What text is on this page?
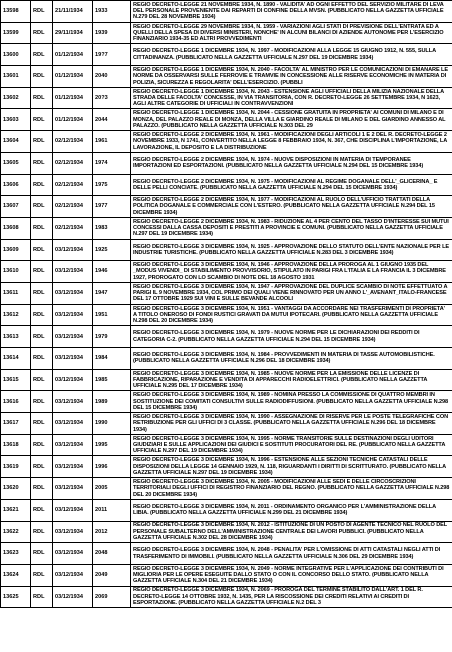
13598	RDL	21/11/1934	1933	REGIO DECRETO-LEGGE 21 NOVEMBRE 1934, N. 1890 - VALIDITA' AD OGNI EFFETTO DEL SERVIZIO MILITARE DI LEVA DEL PERSONALE PROVENIENTE DAI REPARTI DI CONFINE DELLA MVSN. (PUBBLICATO NELLA GAZZETTA UFFICIALE N.279 DEL 28 NOVEMBRE 1934)
13599	RDL	29/11/1934	1939	REGIO DECRETO-LEGGE 29 NOVEMBRE 1934, N. 1959 - VARIAZIONI AGLI STATI DI PREVISIONE DELL'ENTRATA ED A QUELLI DELLA SPESA DI DIVERSI MINISTERI, NONCHE' IN ALCUNI BILANCI DI AZIENDE AUTONOME PER L'ESERCIZIO FINANZIARIO 1934-35 ED ALTRI PROVVEDIMENTI
13600	RDL	01/12/1934	19?7	REGIO DECRETO-LEGGE 1 DICEMBRE 1934, N. 1997 - MODIFICAZIONI ALLA LEGGE 15 GIUGNO 1912, N. 555, SULLA CITTADINANZA. (PUBBLICATO NELLA GAZZETTA UFFICIALE N.297 DEL 19 DICEMBRE 1934)
13601	RDL	01/12/1934	2040	REGIO DECRETO-LEGGE 1 DICEMBRE 1934, N. 2040 - FACOLTA' AL MINISTRO PER LE COMUNICAZIONI DI EMANARE LE NORME DA OSSERVARSI SULLE FERROVIE E TRAMVIE IN CONCESSIONE ALLE RISERVE ECONOMICHE IN MATERIA DI POLIZIA, SICUREZZA E REGOLARITA' DELL'ESERCIZIO. (PUBBLI
13602	RDL	01/12/1934	20?3	REGIO DECRETO-LEGGE 1 DICEMBRE 1934, N. 2043 - ESTENSIONE AGLI UFFICIALI DELLA MILIZIA NAZIONALE DELLA STRADA DELLE FACOLTA' CONCESSE, IN VIA TRANSITORIA, CON R. DECRETO-LEGGE 26 SETTEMBRE 1934, N 1623, AGLI ALTRE CATEGORIE DI UFFICIALI IN CONTRAVVENZIONI
13603	RDL	01/12/1934	2044	REGIO DECRETO-LEGGE 1 DICEMBRE 1934, N. 2044 - CESSIONE GRATUITA IN PROPRIETA' AI COMUNI DI MILANO E DI MONZA, DEL PALAZZO REALE DI MONZA, DELLA VILLA E GIARDINO REALE DI MILANO E DEL GIARDINO ANNESSO AL PALAZZO. (PUBBLICATO NELLA GAZZETTA UFFICIALE N.303 DEL 29
13604	RDL	02/12/1934	1961	REGIO DECRETO-LEGGE 2 DICEMBRE 1934, N. 1961 - MODIFICAZIONI DEGLI ARTICOLI 1 E 2 DEL R. DECRETO-LEGGE 2 NOVEMBRE 1933, N 1741, CONVERTITO NELLA LEGGE 8 FEBBRAIO 1934, N. 367, CHE DISCIPLINA L'IMPORTAZIONE, LA LAVORAZIONE, IL DEPOSITO E LA DISTRIBUZIONE
13605	RDL	02/12/1934	1974	REGIO DECRETO-LEGGE 2 DICEMBRE 1934, N. 1974 - NUOVE DISPOSIZIONI IN MATERIA DI TEMPORANEE IMPORTAZIONI ED ESPORTAZIONI. (PUBBLICATO NELLA GAZZETTA UFFICIALE N.294 DEL 15 DICEMBRE 1934)
13606	RDL	02/12/1934	1975	REGIO DECRETO-LEGGE 2 DICEMBRE 1934, N. 1975 - MODIFICAZIONI AL REGIME DOGANALE DELL'_GLICERINA_ E DELLE PELLI CONCIATE. (PUBBLICATO NELLA GAZZETTA UFFICIALE N.294 DEL 15 DICEMBRE 1934)
13607	RDL	02/12/1934	1977	REGIO DECRETO-LEGGE 2 DICEMBRE 1934, N. 1977 - MODIFICAZIONI AL RUOLO DELL'UFFICIO TRATTATI DELLA POLITICA DOGANALE E COMMERCIALE CON L'ESTERO. (PUBBLICATO NELLA GAZZETTA UFFICIALE N.294 DEL 15 DICEMBRE 1934)
13608	RDL	02/12/1934	1983	REGIO DECRETO-LEGGE 2 DICEMBRE 1934, N. 1983 - RIDUZIONE AL 4 PER CENTO DEL TASSO D'INTERESSE SUI MUTUI CONCESSI DALLA CASSA DEPOSITI E PRESTITI A PROVINCIE E COMUNI. (PUBBLICATO NELLA GAZZETTA UFFICIALE N.297 DEL 19 DICEMBRE 1934)
13609	RDL	03/12/1934	1925	REGIO DECRETO-LEGGE 3 DICEMBRE 1934, N. 1925 - APPROVAZIONE DELLO STATUTO DELL'ENTE NAZIONALE PER LE INDUSTRIE TURISTICHE. (PUBBLICATO NELLA GAZZETTA UFFICIALE N.283 DEL 3 DICEMBRE 1934)
13610	RDL	03/12/1934	1946	REGIO DECRETO-LEGGE 3 DICEMBRE 1934, N. 1946 - APPROVAZIONE DELLA PROROGA AL 1 GIUGNO 1935 DEL _MODUS VIVENDI_ DI STABILIMENTO PROVVISORIO, STIPULATO IN PARIGI FRA L'ITALIA E LA FRANCIA IL 3 DICEMBRE 1927, PROROGATO CON LO SCAMBIO DI NOTE DEL 18 AGOSTO 1931
13611	RDL	03/12/1934	1947	REGIO DECRETO-LEGGE 3 DICEMBRE 1934, N. 1947 - APPROVAZIONE DEL DUPLICE SCAMBIO DI NOTE EFFETTUATO A PARIGI IL 9 NOVEMBRE 1934, COL PRIMO DEI QUALI VIENE RINNOVATO PER UN ANNO L'_AVENANT_ITALO-FRANCESE DEL 17 OTTOBRE 1929 SUI VINI E SULLE BEVANDE ALCOOLI
13612	RDL	03/12/1934	1951	REGIO DECRETO-LEGGE 3 DICEMBRE 1934, N. 1951 - VANTAGGI DA ACCORDARE NEI TRASFERIMENTI DI PROPRIETA' A TITOLO ONEROSO DI FONDI RUSTICI GRAVATI DA MUTUI IPOTECARI. (PUBBLICATO NELLA GAZZETTA UFFICIALE N.298 DEL 20 DICEMBRE 1934)
13613	RDL	03/12/1934	1979	REGIO DECRETO-LEGGE 3 DICEMBRE 1934, N. 1979 - NUOVE NORME PER LE DICHIARAZIONI DEI REDDITI DI CATEGORIA C-2. (PUBBLICATO NELLA GAZZETTA UFFICIALE N.294 DEL 15 DICEMBRE 1934)
13614	RDL	03/12/1934	1984	REGIO DECRETO-LEGGE 3 DICEMBRE 1934, N. 1984 - PROVVEDIMENTI IN MATERIA DI TASSE AUTOMOBILISTICHE. (PUBBLICATO NELLA GAZZETTA UFFICIALE N.296 DEL 18 DICEMBRE 1934)
13615	RDL	03/12/1934	1985	REGIO DECRETO-LEGGE 3 DICEMBRE 1934, N. 1985 - NUOVE NORME PER LA EMISSIONE DELLE LICENZE DI FABBRICAZIONE, RIPARAZIONE E VENDITA DI APPARECCHI RADIOELETTRICI. (PUBBLICATO NELLA GAZZETTA UFFICIALE N.295 DEL 17 DICEMBRE 1934)
13616	RDL	03/12/1934	1989	REGIO DECRETO-LEGGE 3 DICEMBRE 1934, N. 1989 - NOMINA PRESSO LA COMMISSIONE DI QUATTRO MEMBRI IN SOSTITUZIONE DEI COMITATI CONSULTIVI SULLE RADIODIFFUSIONI. (PUBBLICATO NELLA GAZZETTA UFFICIALE N.298 DEL 15 DICEMBRE 1934)
13617	RDL	03/12/1934	1990	REGIO DECRETO-LEGGE 3 DICEMBRE 1934, N. 1990 - ASSEGNAZIONE DI RISERVE PER LE POSTE TELEGRAFICHE CON RETRIBUZIONE PER GLI UFFICI DI 3 CLASSE. (PUBBLICATO NELLA GAZZETTA UFFICIALE N.296 DEL 18 DICEMBRE 1934)
13618	RDL	03/12/1934	1995	REGIO DECRETO-LEGGE 3 DICEMBRE 1934, N. 1995 - NORME TRANSITORIE SULLE DESTINAZIONI DEGLI UDITORI GIUDIZIARI E SULLE APPLICAZIONI DEI GIUDICI E SOSTITUTI PROCURATORI DEL RE. (PUBBLICATO NELLA GAZZETTA UFFICIALE N.297 DEL 19 DICEMBRE 1934)
13619	RDL	03/12/1934	1996	REGIO DECRETO-LEGGE 3 DICEMBRE 1934, N. 1996 - ESTENSIONE ALLE SEZIONI TECNICHE CATASTALI DELLE DISPOSIZIONI DELLA LEGGE 14 GENNAIO 1929, N. 118, RIGUARDANTI I DIRITTI DI SCRITTURATO. (PUBBLICATO NELLA GAZZETTA UFFICIALE N.297 DEL 19 DICEMBRE 1934)
13620	RDL	03/12/1934	2005	REGIO DECRETO-LEGGE 3 DICEMBRE 1934, N. 2005 - MODIFICAZIONI ALLE SEDI E DELLE CIRCOSCRIZIONI TERRITORIALI DEGLI UFFICI DI REGISTRO FINANZIARIO DEL REGNO. (PUBBLICATO NELLA GAZZETTA UFFICIALE N.298 DEL 20 DICEMBRE 1934)
13621	RDL	03/12/1934	2011	REGIO DECRETO-LEGGE 3 DICEMBRE 1934, N. 2011 - ORDINAMENTO ORGANICO PER L'AMMINISTRAZIONE DELLA LIBIA. (PUBBLICATO NELLA GAZZETTA UFFICIALE N.299 DEL 21 DICEMBRE 1934)
13622	RDL	03/12/1934	2012	REGIO DECRETO-LEGGE 3 DICEMBRE 1934, N. 2012 - ISTITUZIONE DI UN POSTO DI AGENTE TECNICO NEL RUOLO DEL PERSONALE SUBALTERNO DELL'AMMINISTRAZIONE CENTRALE DEI LAVORI PUBBLICI. (PUBBLICATO NELLA GAZZETTA UFFICIALE N.302 DEL 28 DICEMBRE 1934)
13623	RDL	03/12/1934	2048	REGIO DECRETO-LEGGE 3 DICEMBRE 1934, N. 2048 - PENALITA' PER L'OMISSIONE DI ATTI CATASTALI NEGLI ATTI DI TRASFERIMENTO DI IMMOBILI. (PUBBLICATO NELLA GAZZETTA UFFICIALE N.306 DEL 29 DICEMBRE 1934)
13624	RDL	03/12/1934	2049	REGIO DECRETO-LEGGE 3 DICEMBRE 1934, N. 2049 - NORME INTEGRATIVE PER L'APPLICAZIONE DEI CONTRIBUTI DI MIGLIORIA PER LE OPERE ESEGUITE DALLO STATO O CON IL CONCORSO DELLO STATO. (PUBBLICATO NELLA GAZZETTA UFFICIALE N.304 DEL 21 DICEMBRE 1934)
13625	RDL	03/12/1934	2069	REGIO DECRETO-LEGGE 3 DICEMBRE 1934, N. 2069 - PROROGA DEL TERMINE STABILITO DALL'ART. 1 DEL R. DECRETO-LEGGE 14 OTTOBRE 1932, N. 1435, PER LA RISCOSSIONE DEI CREDITI RELATIVI AI CREDITI DI ESPORTAZIONE. (PUBBLICATO NELLA GAZZETTA UFFICIALE N.2 DEL 3
